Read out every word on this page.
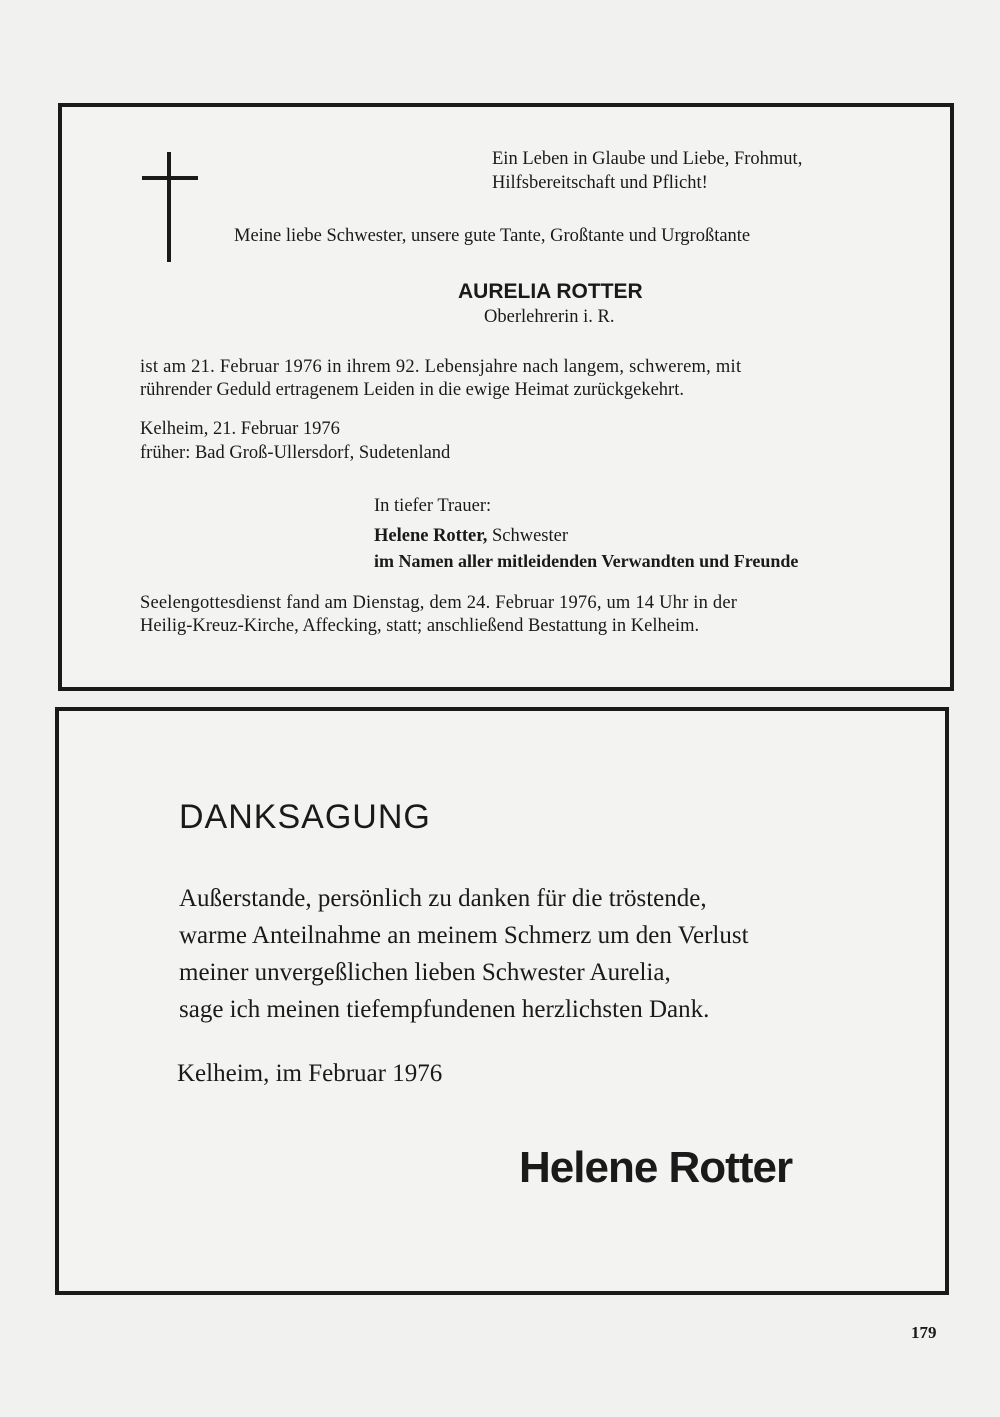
Ein Leben in Glaube und Liebe, Frohmut,
Hilfsbereitschaft und Pflicht!
Meine liebe Schwester, unsere gute Tante, Großtante und Urgroßtante
AURELIA ROTTER
Oberlehrerin i. R.
ist am 21. Februar 1976 in ihrem 92. Lebensjahre nach langem, schwerem, mit
rührender Geduld ertragenem Leiden in die ewige Heimat zurückgekehrt.
Kelheim, 21. Februar 1976
früher: Bad Groß-Ullersdorf, Sudetenland
In tiefer Trauer:
Helene Rotter, Schwester
im Namen aller mitleidenden Verwandten und Freunde
Seelengottesdienst fand am Dienstag, dem 24. Februar 1976, um 14 Uhr in der
Heilig-Kreuz-Kirche, Affecking, statt; anschließend Bestattung in Kelheim.
DANKSAGUNG
Außerstande, persönlich zu danken für die tröstende,
warme Anteilnahme an meinem Schmerz um den Verlust
meiner unvergeßlichen lieben Schwester Aurelia,
sage ich meinen tiefempfundenen herzlichsten Dank.
Kelheim, im Februar 1976
Helene Rotter
179
